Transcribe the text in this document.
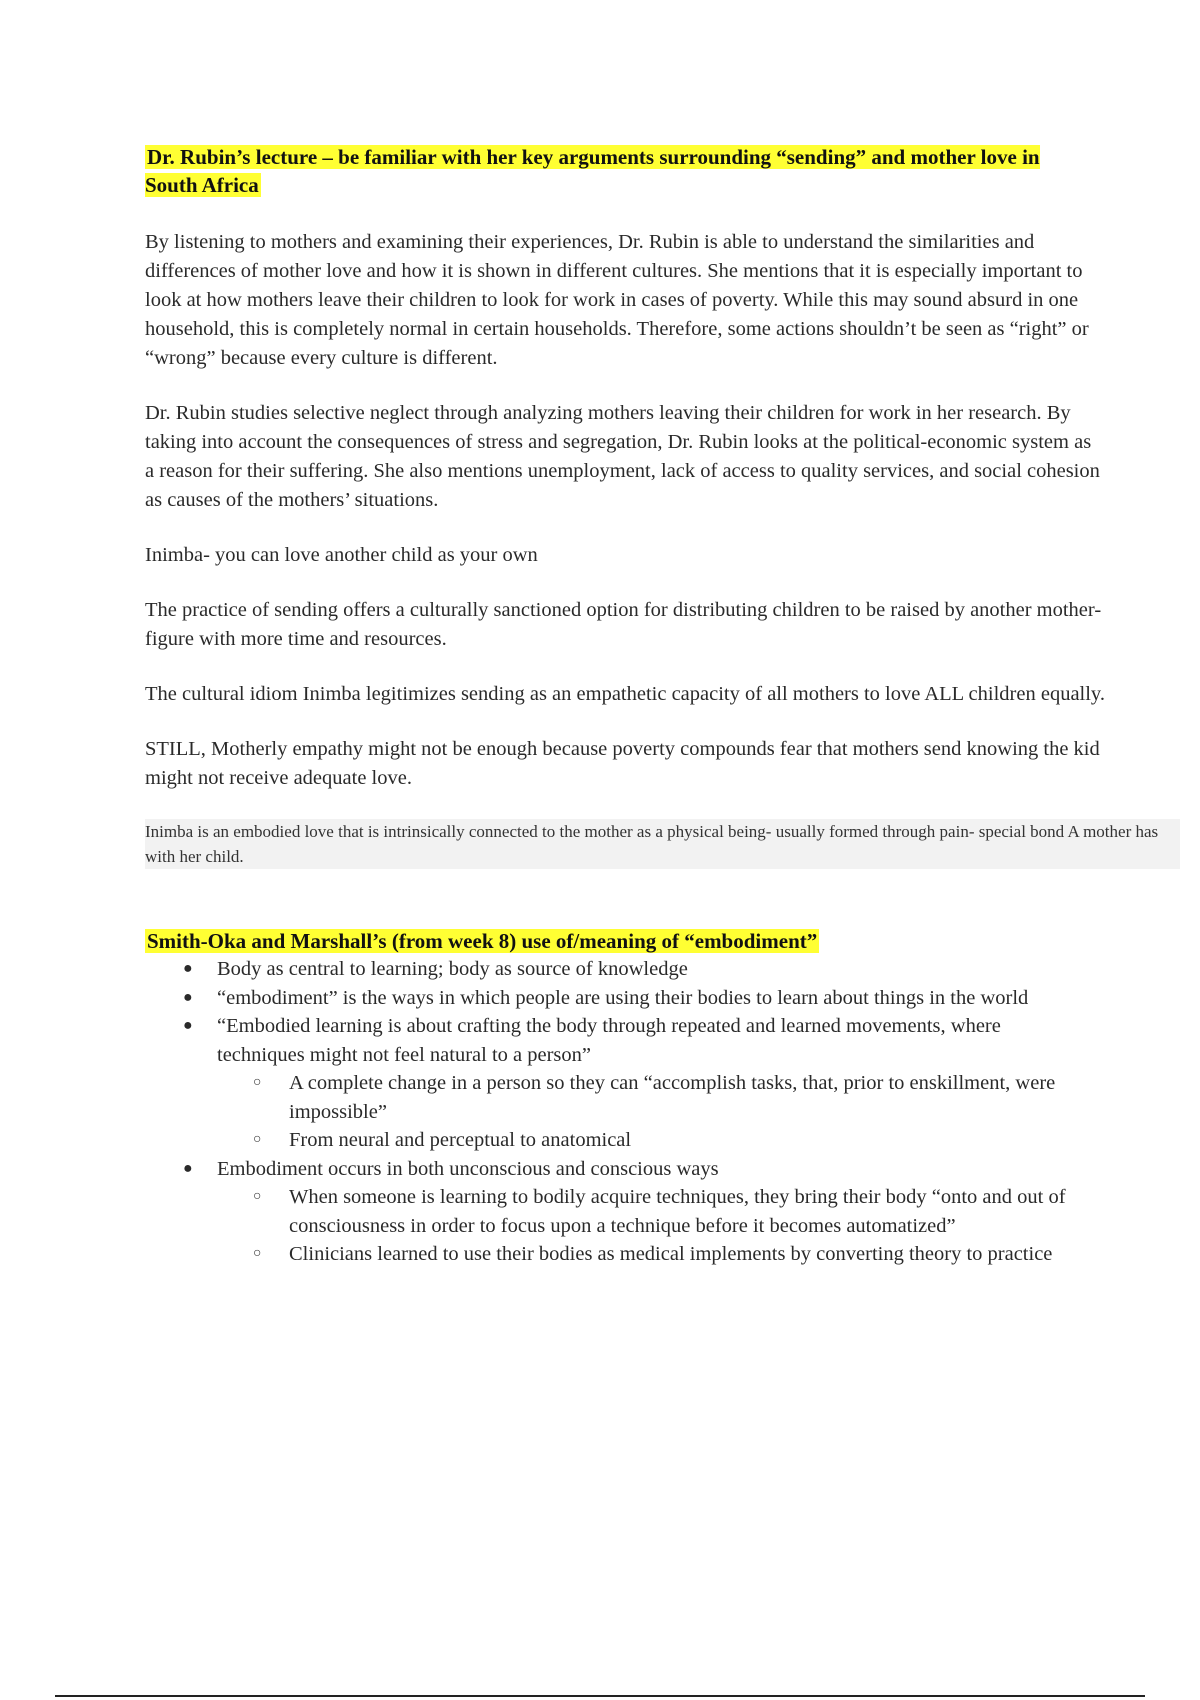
Dr. Rubin’s lecture – be familiar with her key arguments surrounding “sending” and mother love in South Africa

By listening to mothers and examining their experiences, Dr. Rubin is able to understand the similarities and differences of mother love and how it is shown in different cultures. She mentions that it is especially important to look at how mothers leave their children to look for work in cases of poverty. While this may sound absurd in one household, this is completely normal in certain households. Therefore, some actions shouldn’t be seen as “right” or “wrong” because every culture is different.

Dr. Rubin studies selective neglect through analyzing mothers leaving their children for work in her research. By taking into account the consequences of stress and segregation, Dr. Rubin looks at the political-economic system as a reason for their suffering. She also mentions unemployment, lack of access to quality services, and social cohesion as causes of the mothers’ situations.

Inimba- you can love another child as your own

The practice of sending offers a culturally sanctioned option for distributing children to be raised by another mother-figure with more time and resources.

The cultural idiom Inimba legitimizes sending as an empathetic capacity of all mothers to love ALL children equally.

STILL, Motherly empathy might not be enough because poverty compounds fear that mothers send knowing the kid might not receive adequate love.

Inimba is an embodied love that is intrinsically connected to the mother as a physical being- usually formed through pain- special bond A mother has with her child.

Smith-Oka and Marshall’s (from week 8) use of/meaning of “embodiment”
● Body as central to learning; body as source of knowledge
● “embodiment” is the ways in which people are using their bodies to learn about things in the world
● “Embodied learning is about crafting the body through repeated and learned movements, where techniques might not feel natural to a person”
○ A complete change in a person so they can “accomplish tasks, that, prior to enskillment, were impossible”
○ From neural and perceptual to anatomical
● Embodiment occurs in both unconscious and conscious ways
○ When someone is learning to bodily acquire techniques, they bring their body “onto and out of consciousness in order to focus upon a technique before it becomes automatized”
○ Clinicians learned to use their bodies as medical implements by converting theory to practice
